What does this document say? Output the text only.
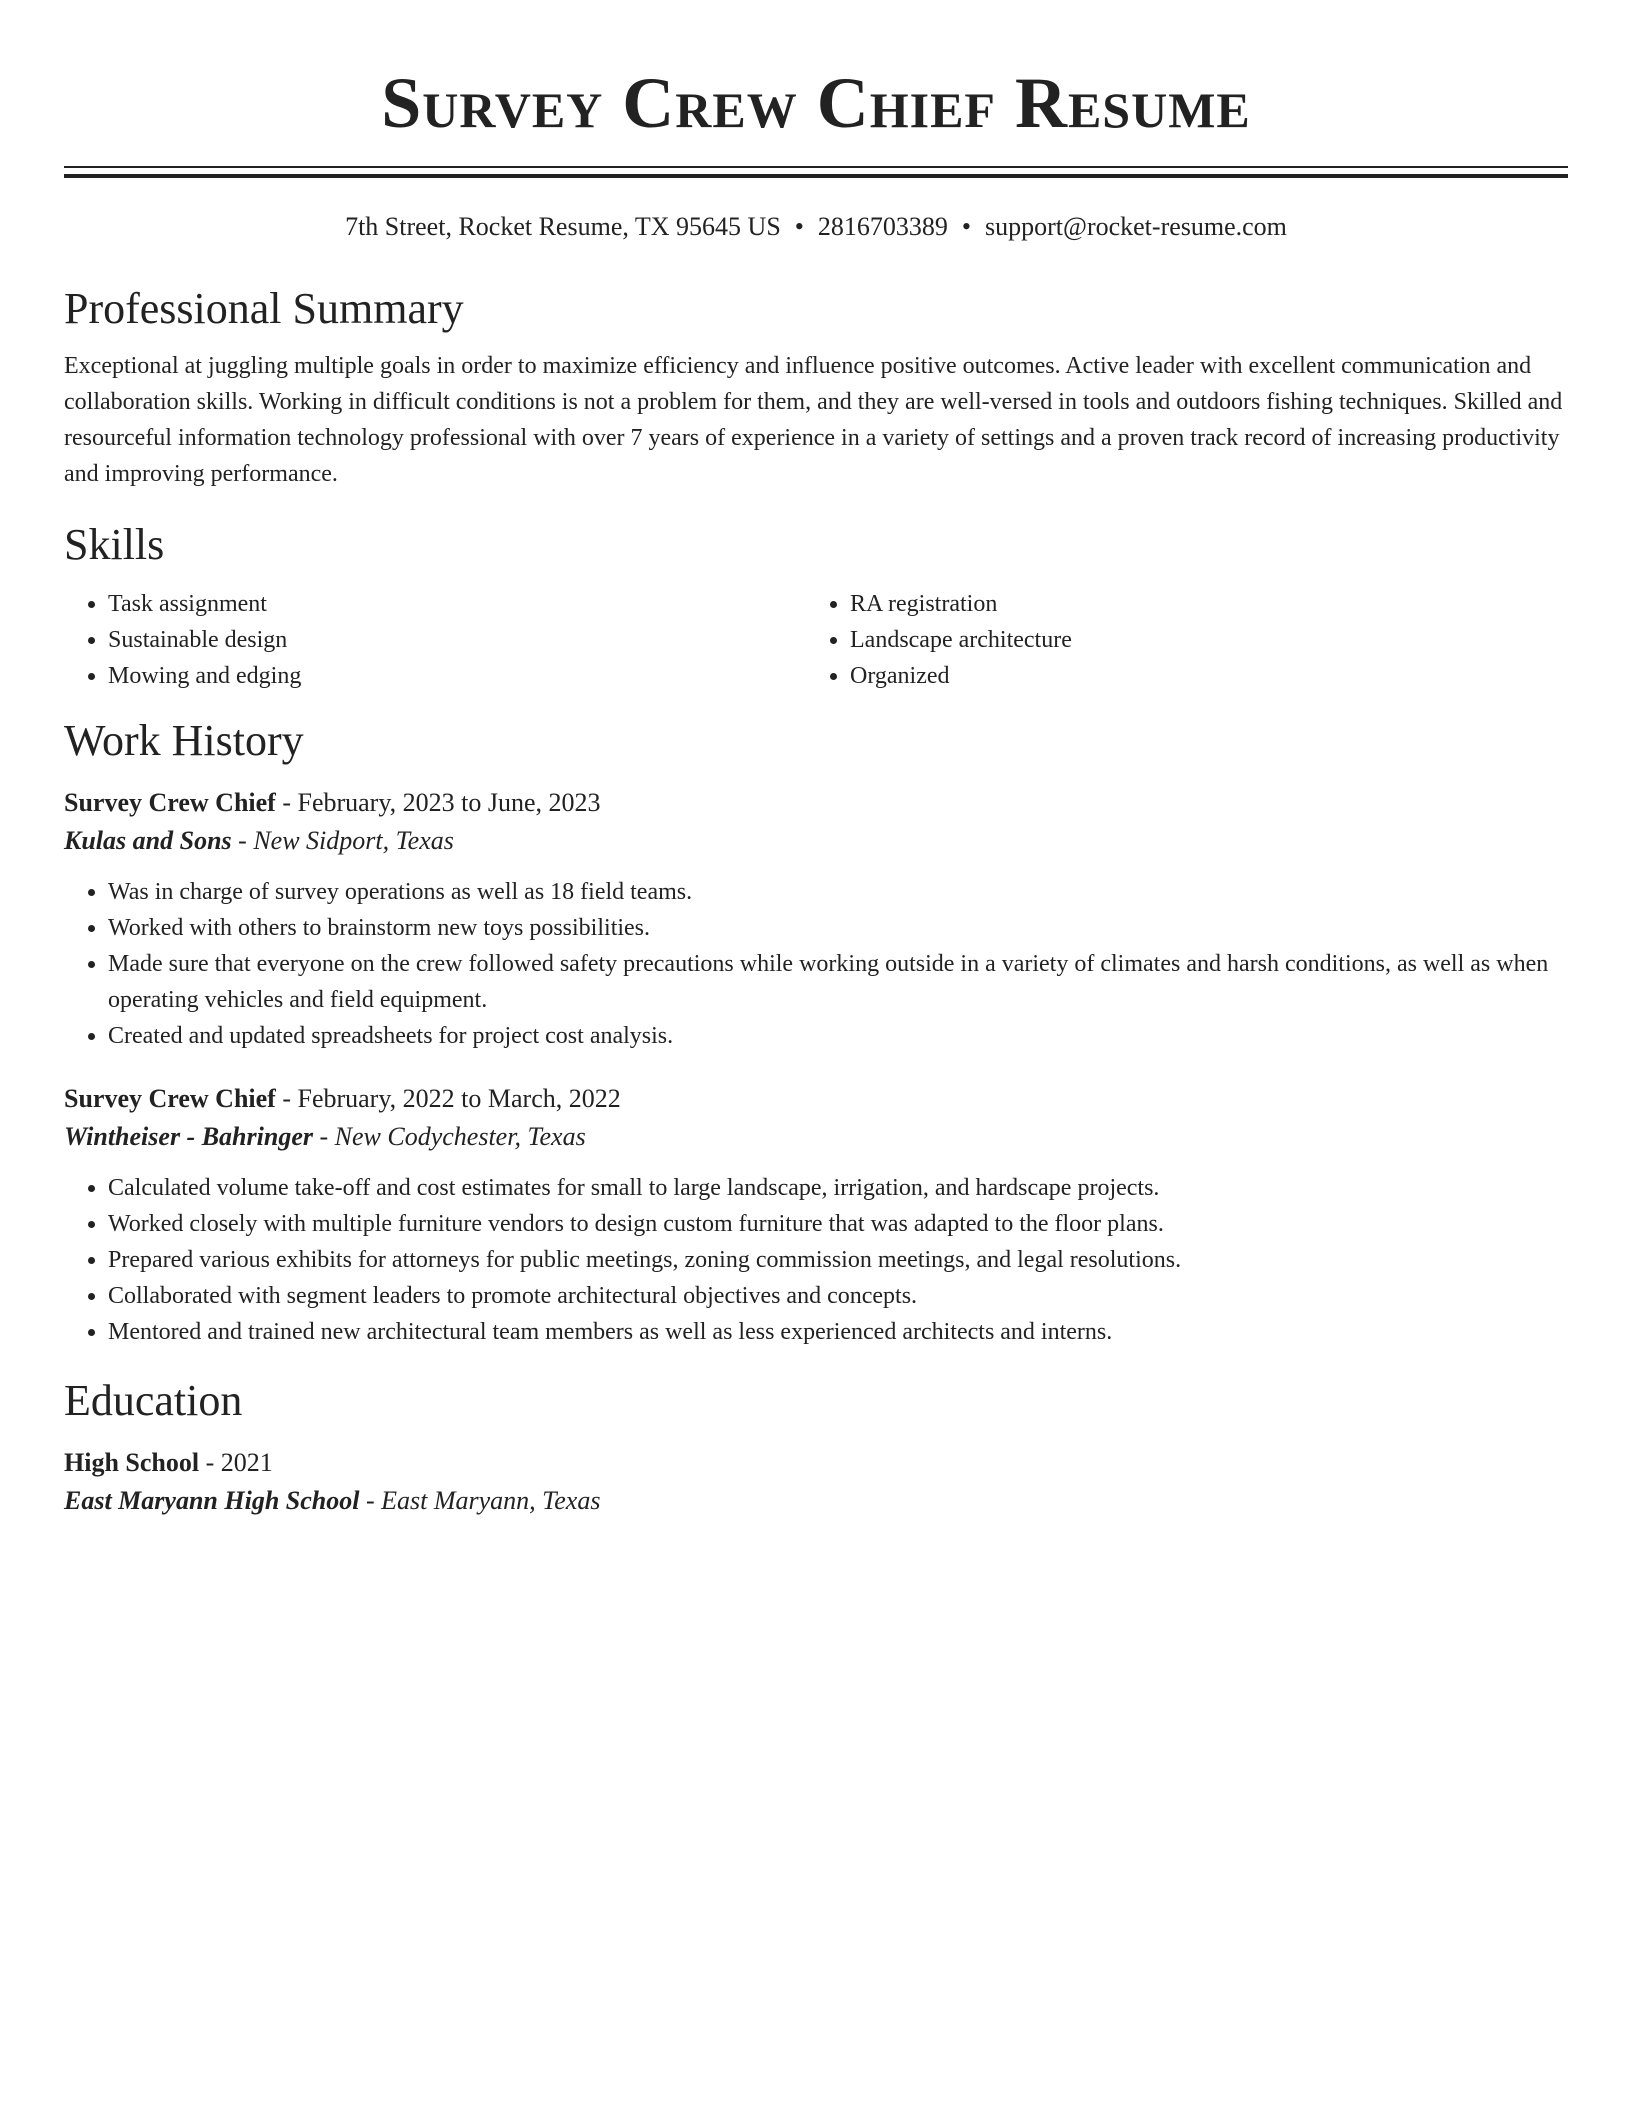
Survey Crew Chief Resume
7th Street, Rocket Resume, TX 95645 US • 2816703389 • support@rocket-resume.com
Professional Summary
Exceptional at juggling multiple goals in order to maximize efficiency and influence positive outcomes. Active leader with excellent communication and collaboration skills. Working in difficult conditions is not a problem for them, and they are well-versed in tools and outdoors fishing techniques. Skilled and resourceful information technology professional with over 7 years of experience in a variety of settings and a proven track record of increasing productivity and improving performance.
Skills
• Task assignment
• Sustainable design
• Mowing and edging
• RA registration
• Landscape architecture
• Organized
Work History
Survey Crew Chief - February, 2023 to June, 2023
Kulas and Sons - New Sidport, Texas
• Was in charge of survey operations as well as 18 field teams.
• Worked with others to brainstorm new toys possibilities.
• Made sure that everyone on the crew followed safety precautions while working outside in a variety of climates and harsh conditions, as well as when operating vehicles and field equipment.
• Created and updated spreadsheets for project cost analysis.
Survey Crew Chief - February, 2022 to March, 2022
Wintheiser - Bahringer - New Codychester, Texas
• Calculated volume take-off and cost estimates for small to large landscape, irrigation, and hardscape projects.
• Worked closely with multiple furniture vendors to design custom furniture that was adapted to the floor plans.
• Prepared various exhibits for attorneys for public meetings, zoning commission meetings, and legal resolutions.
• Collaborated with segment leaders to promote architectural objectives and concepts.
• Mentored and trained new architectural team members as well as less experienced architects and interns.
Education
High School - 2021
East Maryann High School - East Maryann, Texas
